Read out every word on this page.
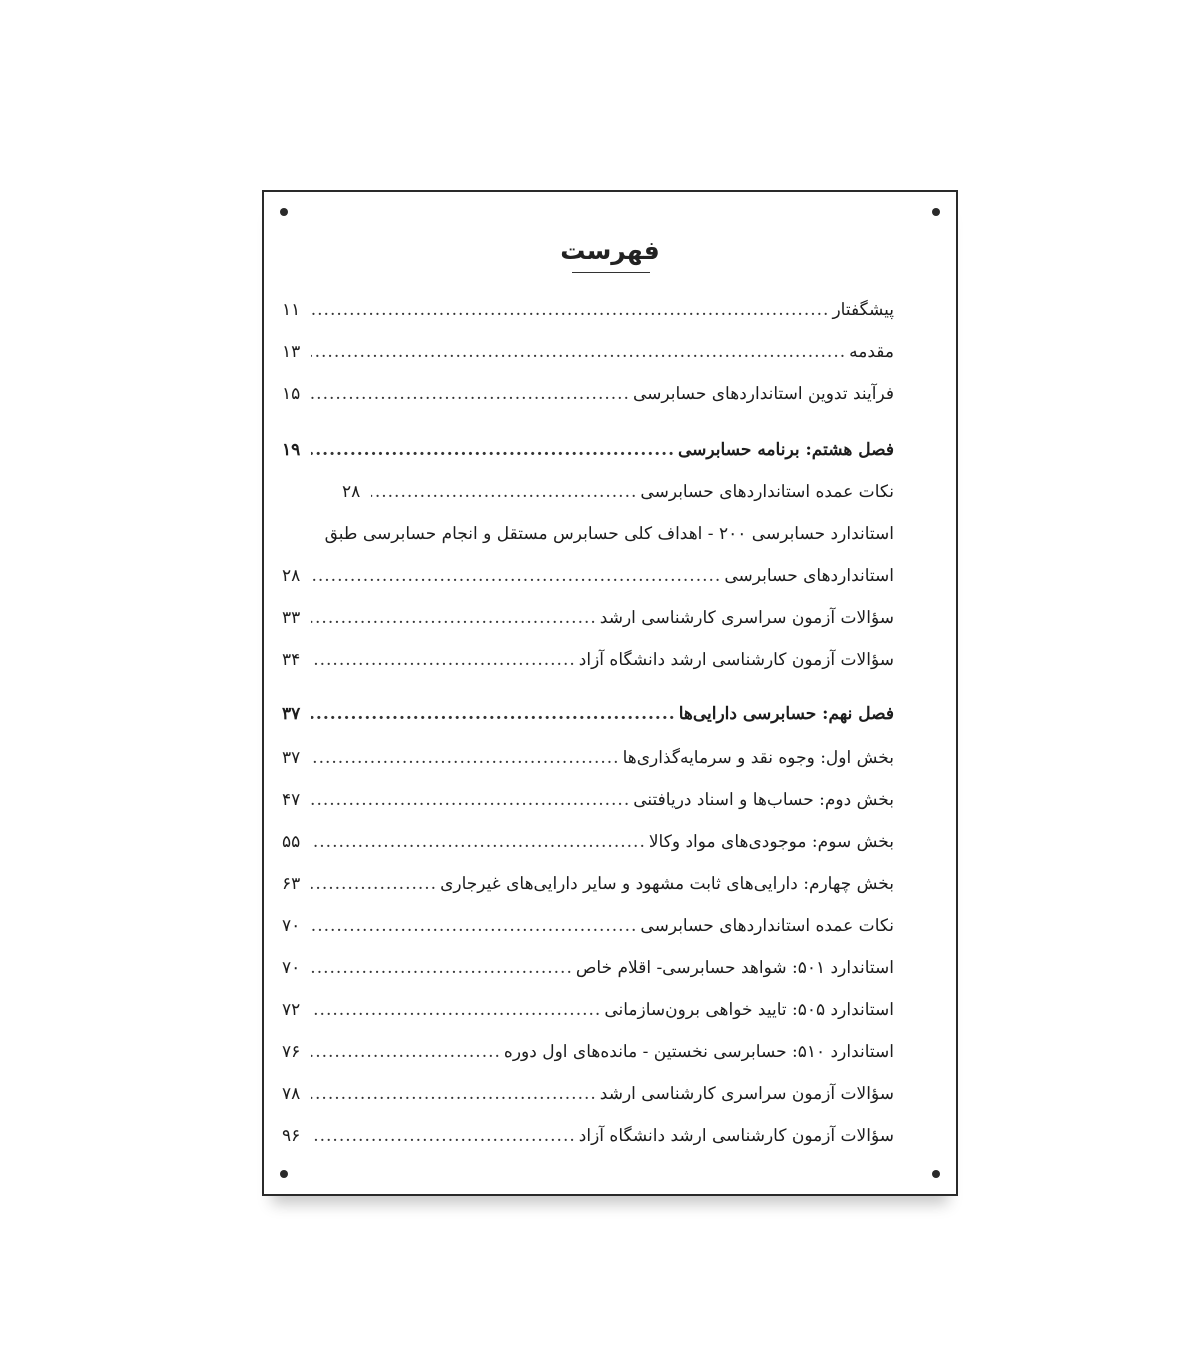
فهرست
پیشگفتار
.....
۱۱
مقدمه
.....
۱۳
فرآیند تدوین استانداردهای حسابرسی
.....
۱۵
فصل هشتم: برنامه حسابرسی
.....
۱۹
نکات عمده استانداردهای حسابرسی
.....
۲۸
استاندارد حسابرسی ۲۰۰ - اهداف کلی حسابرس مستقل و انجام حسابرسی طبق
استانداردهای حسابرسی
.....
۲۸
سؤالات آزمون سراسری کارشناسی ارشد
.....
۳۳
سؤالات آزمون کارشناسی ارشد دانشگاه آزاد
.....
۳۴
فصل نهم: حسابرسی دارایی‌ها
.....
۳۷
بخش اول: وجوه نقد و سرمایه‌گذاری‌ها
.....
۳۷
بخش دوم: حساب‌ها و اسناد دریافتنی
.....
۴۷
بخش سوم: موجودی‌های مواد وکالا
.....
۵۵
بخش چهارم: دارایی‌های ثابت مشهود و سایر دارایی‌های غیرجاری
.....
۶۳
نکات عمده استانداردهای حسابرسی
.....
۷۰
استاندارد ۵۰۱: شواهد حسابرسی- اقلام خاص
.....
۷۰
استاندارد ۵۰۵: تایید خواهی برون‌سازمانی
.....
۷۲
استاندارد ۵۱۰: حسابرسی نخستین - مانده‌های اول دوره
.....
۷۶
سؤالات آزمون سراسری کارشناسی ارشد
.....
۷۸
سؤالات آزمون کارشناسی ارشد دانشگاه آزاد
.....
۹۶
